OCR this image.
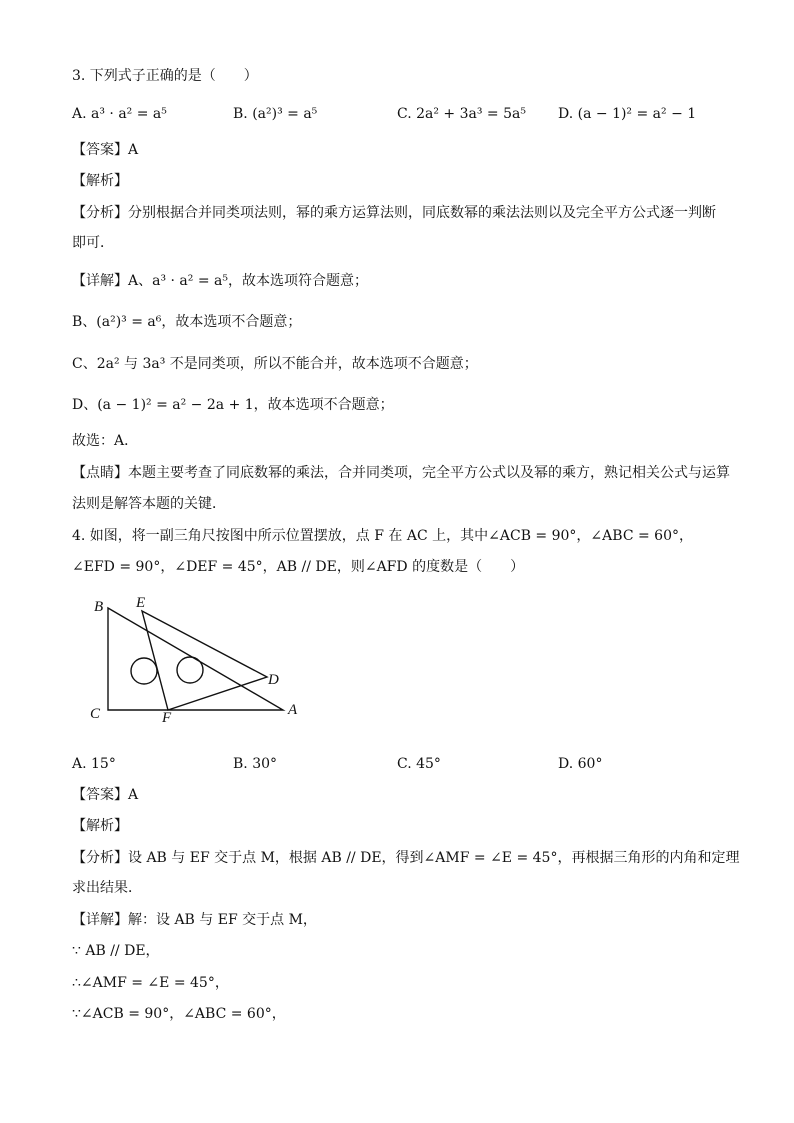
3. 下列式子正确的是（　　）
A. a³ · a² = a⁵	B. (a²)³ = a⁵	C. 2a² + 3a³ = 5a⁵ D. (a − 1)² = a² − 1
【答案】A
【解析】
【分析】分别根据合并同类项法则，幂的乘方运算法则，同底数幂的乘法法则以及完全平方公式逐一判断
即可．
【详解】A、a³ · a² = a⁵，故本选项符合题意；
B、(a²)³ = a⁶，故本选项不合题意；
C、2a² 与 3a³ 不是同类项，所以不能合并，故本选项不合题意；
D、(a − 1)² = a² − 2a + 1，故本选项不合题意；
故选：A．
【点睛】本题主要考查了同底数幂的乘法，合并同类项，完全平方公式以及幂的乘方，熟记相关公式与运算
法则是解答本题的关键．
4. 如图，将一副三角尺按图中所示位置摆放，点 F 在 AC 上，其中∠ACB = 90°，∠ABC = 60°，
∠EFD = 90°，∠DEF = 45°，AB // DE，则∠AFD 的度数是（　　）
B E
D
C	F	A
A. 15°	B. 30°	C. 45°	D. 60°
【答案】A
【解析】
【分析】设 AB 与 EF 交于点 M，根据 AB // DE，得到∠AMF = ∠E = 45°，再根据三角形的内角和定理
求出结果．
【详解】解：设 AB 与 EF 交于点 M，
∵ AB // DE，
∴∠AMF = ∠E = 45°，
∵∠ACB = 90°，∠ABC = 60°，
